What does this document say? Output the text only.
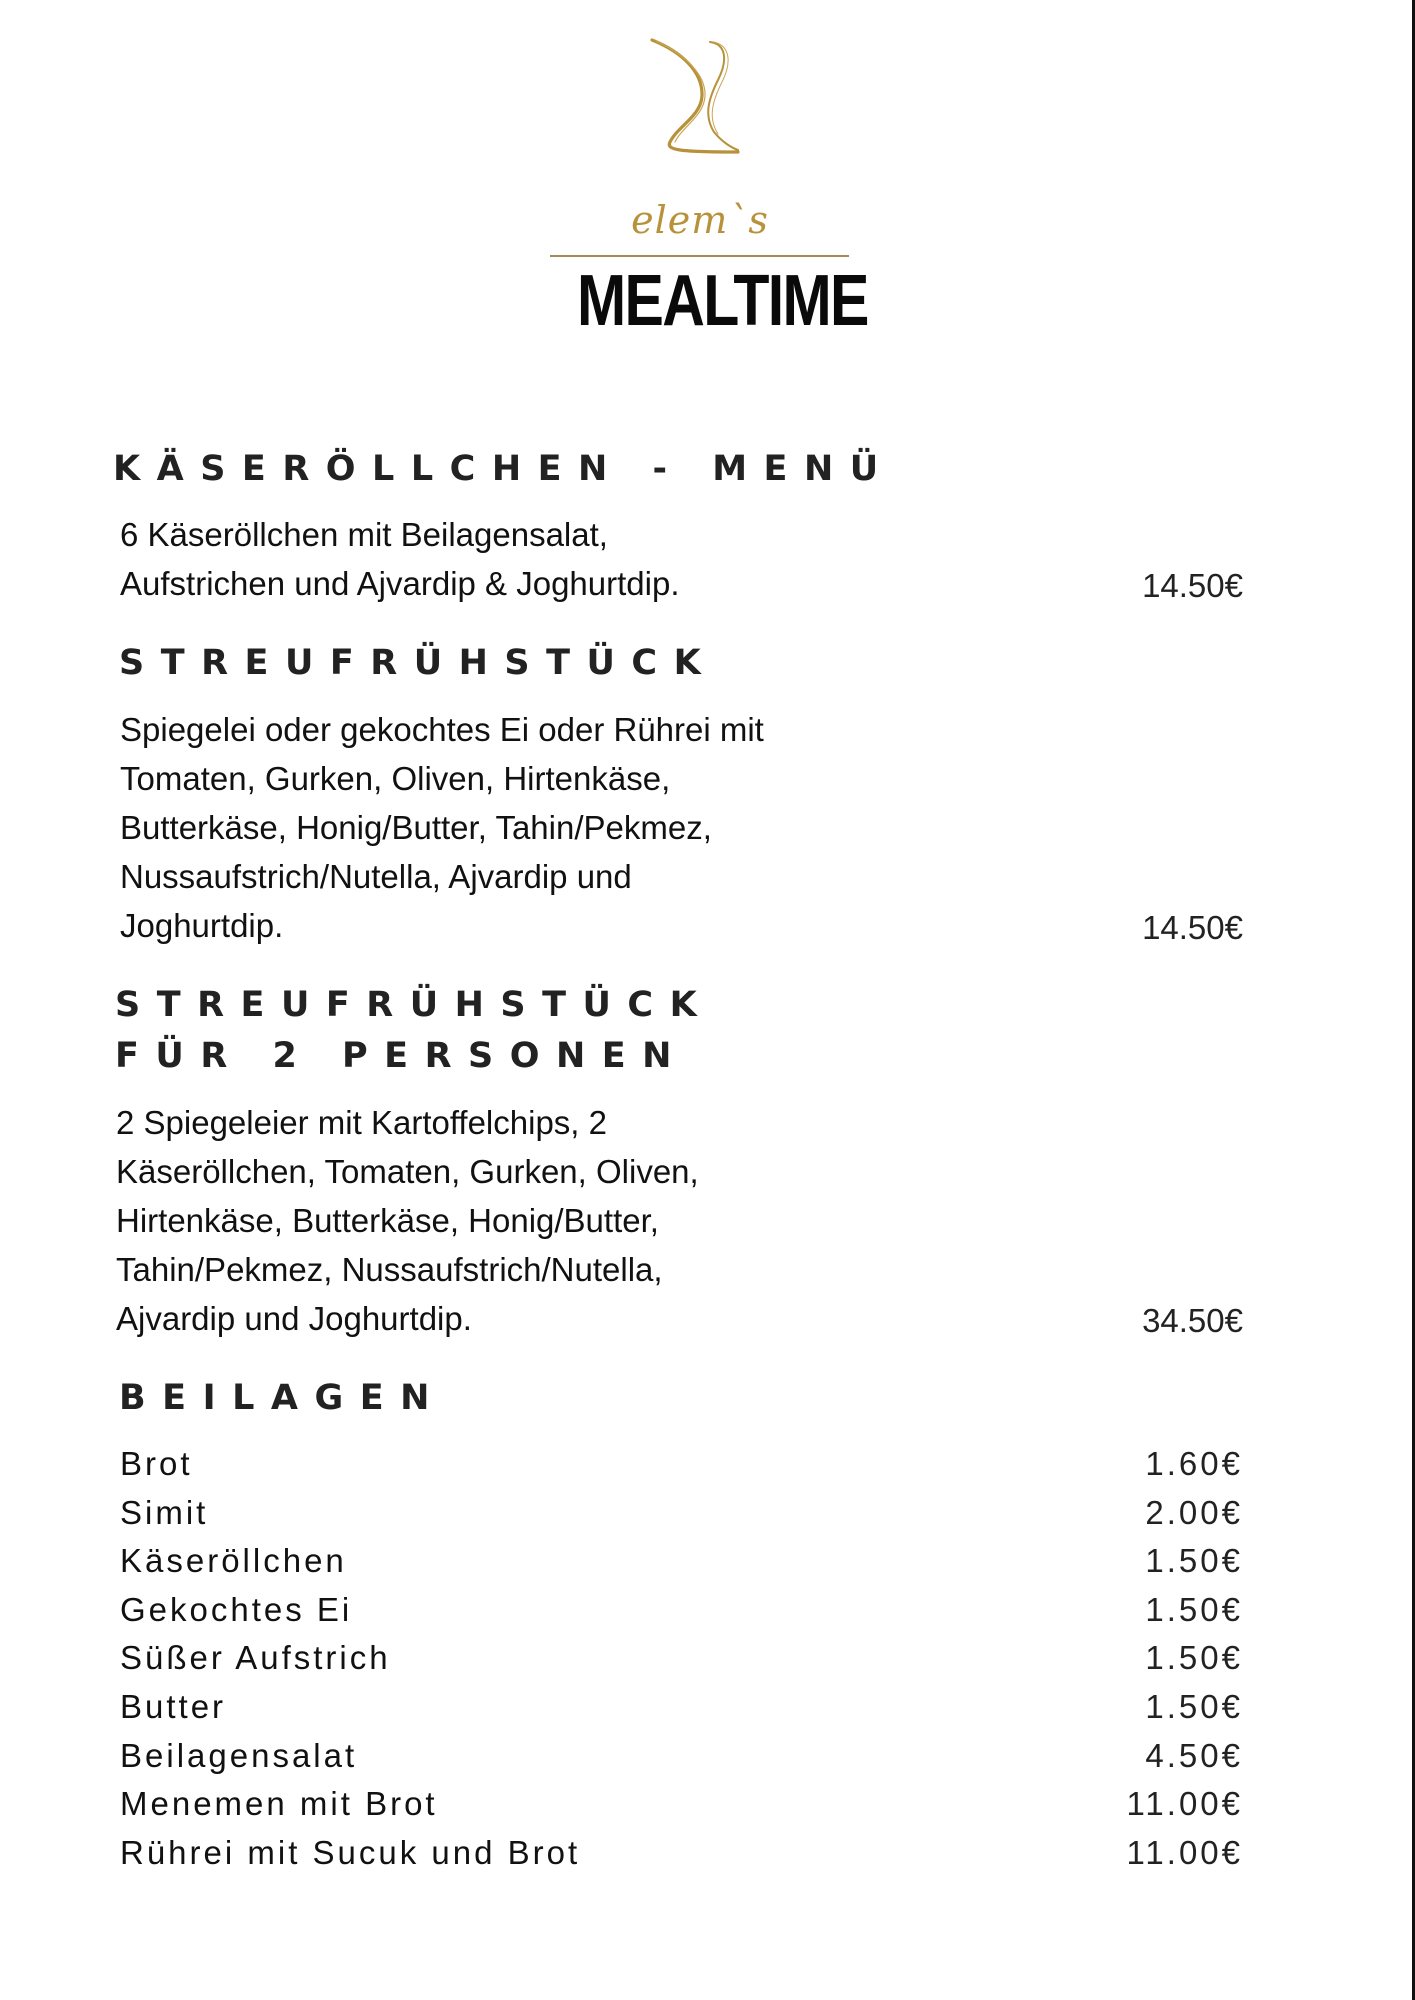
elem`s
MEALTIME
KÄSERÖLLCHEN - MENÜ
6 Käseröllchen mit Beilagensalat,
Aufstrichen und Ajvardip & Joghurtdip.	14.50€
STREUFRÜHSTÜCK
Spiegelei oder gekochtes Ei oder Rührei mit
Tomaten, Gurken, Oliven, Hirtenkäse,
Butterkäse, Honig/Butter, Tahin/Pekmez,
Nussaufstrich/Nutella, Ajvardip und
Joghurtdip.	14.50€
STREUFRÜHSTÜCK
FÜR 2 PERSONEN
2 Spiegeleier mit Kartoffelchips, 2
Käseröllchen, Tomaten, Gurken, Oliven,
Hirtenkäse, Butterkäse, Honig/Butter,
Tahin/Pekmez, Nussaufstrich/Nutella,
Ajvardip und Joghurtdip.	34.50€
BEILAGEN
Brot	1.60€
Simit	2.00€
Käseröllchen	1.50€
Gekochtes Ei	1.50€
Süßer Aufstrich	1.50€
Butter	1.50€
Beilagensalat	4.50€
Menemen mit Brot	11.00€
Rührei mit Sucuk und Brot	11.00€
